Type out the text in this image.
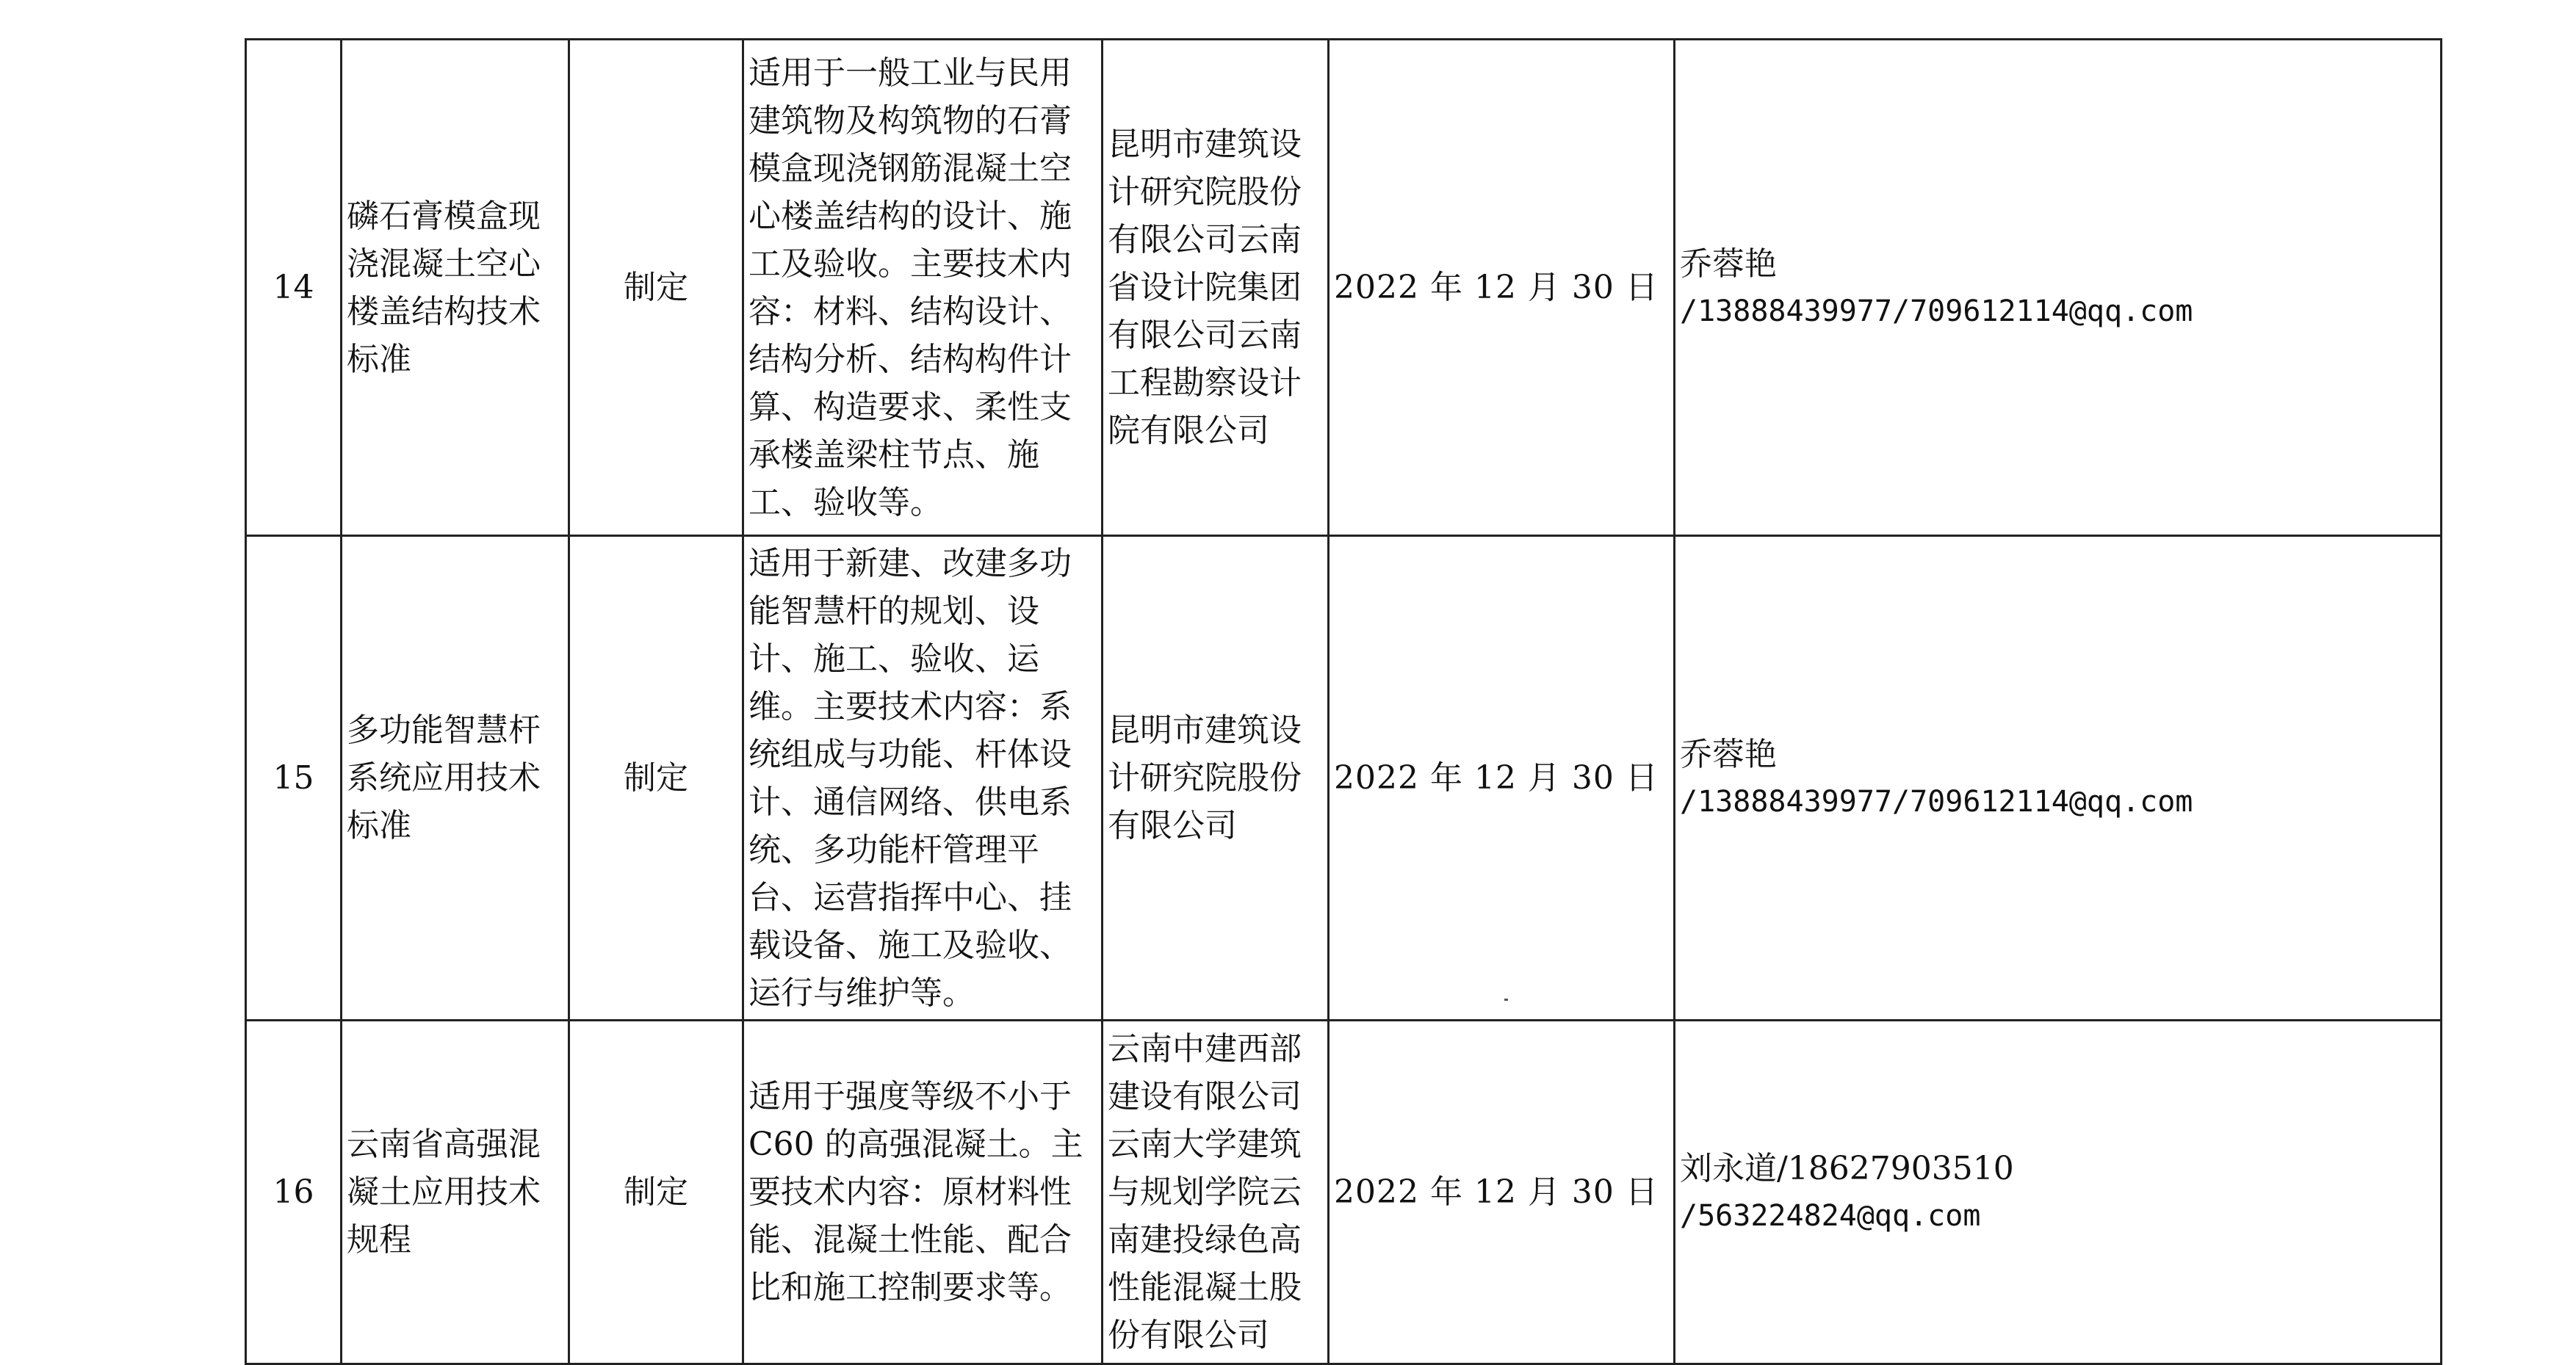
14	磷石膏模盒现浇混凝土空心楼盖结构技术标准	制定	适用于一般工业与民用建筑物及构筑物的石膏模盒现浇钢筋混凝土空心楼盖结构的设计、施工及验收。主要技术内容：材料、结构设计、结构分析、结构构件计算、构造要求、柔性支承楼盖梁柱节点、施工、验收等。	昆明市建筑设计研究院股份有限公司云南省设计院集团有限公司云南工程勘察设计院有限公司	2022 年 12 月 30 日	乔蓉艳
/13888439977/709612114@qq.com

15	多功能智慧杆系统应用技术标准	制定	适用于新建、改建多功能智慧杆的规划、设计、施工、验收、运维。主要技术内容：系统组成与功能、杆体设计、通信网络、供电系统、多功能杆管理平台、运营指挥中心、挂载设备、施工及验收、运行与维护等。	昆明市建筑设计研究院股份有限公司	2022 年 12 月 30 日	乔蓉艳
/13888439977/709612114@qq.com

16	云南省高强混凝土应用技术规程	制定	适用于强度等级不小于 C60 的高强混凝土。主要技术内容：原材料性能、混凝土性能、配合比和施工控制要求等。	云南中建西部建设有限公司云南大学建筑与规划学院云南建投绿色高性能混凝土股份有限公司	2022 年 12 月 30 日	刘永道/18627903510
/563224824@qq.com
